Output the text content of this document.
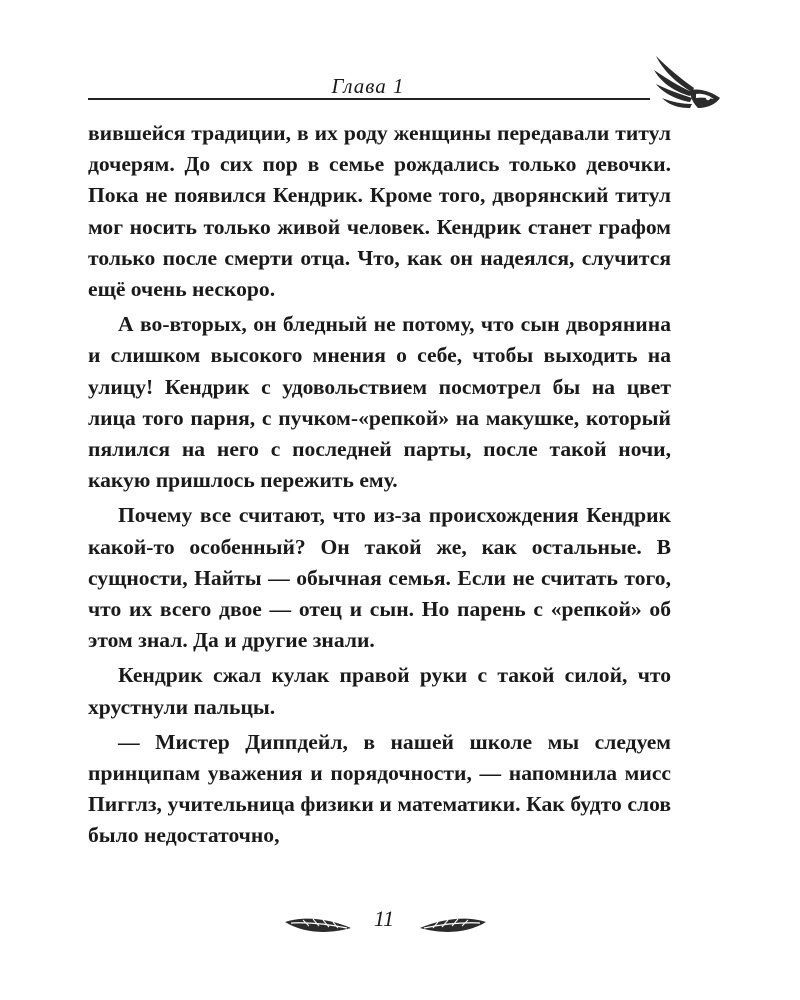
Глава 1

вившейся традиции, в их роду женщины передавали титул дочерям. До сих пор в семье рождались только девочки. Пока не появился Кендрик. Кроме того, дворянский титул мог носить только живой человек. Кендрик станет графом только после смерти отца. Что, как он надеялся, случится ещё очень нескоро.

А во-вторых, он бледный не потому, что сын дворянина и слишком высокого мнения о себе, чтобы выходить на улицу! Кендрик с удовольствием посмотрел бы на цвет лица того парня, с пучком-«репкой» на макушке, который пялился на него с последней парты, после такой ночи, какую пришлось пережить ему.

Почему все считают, что из-за происхождения Кендрик какой-то особенный? Он такой же, как остальные. В сущности, Найты — обычная семья. Если не считать того, что их всего двое — отец и сын. Но парень с «репкой» об этом знал. Да и другие знали.

Кендрик сжал кулак правой руки с такой силой, что хрустнули пальцы.

— Мистер Диппдейл, в нашей школе мы следуем принципам уважения и порядочности, — напомнила мисс Пигглз, учительница физики и математики. Как будто слов было недостаточно,

11
